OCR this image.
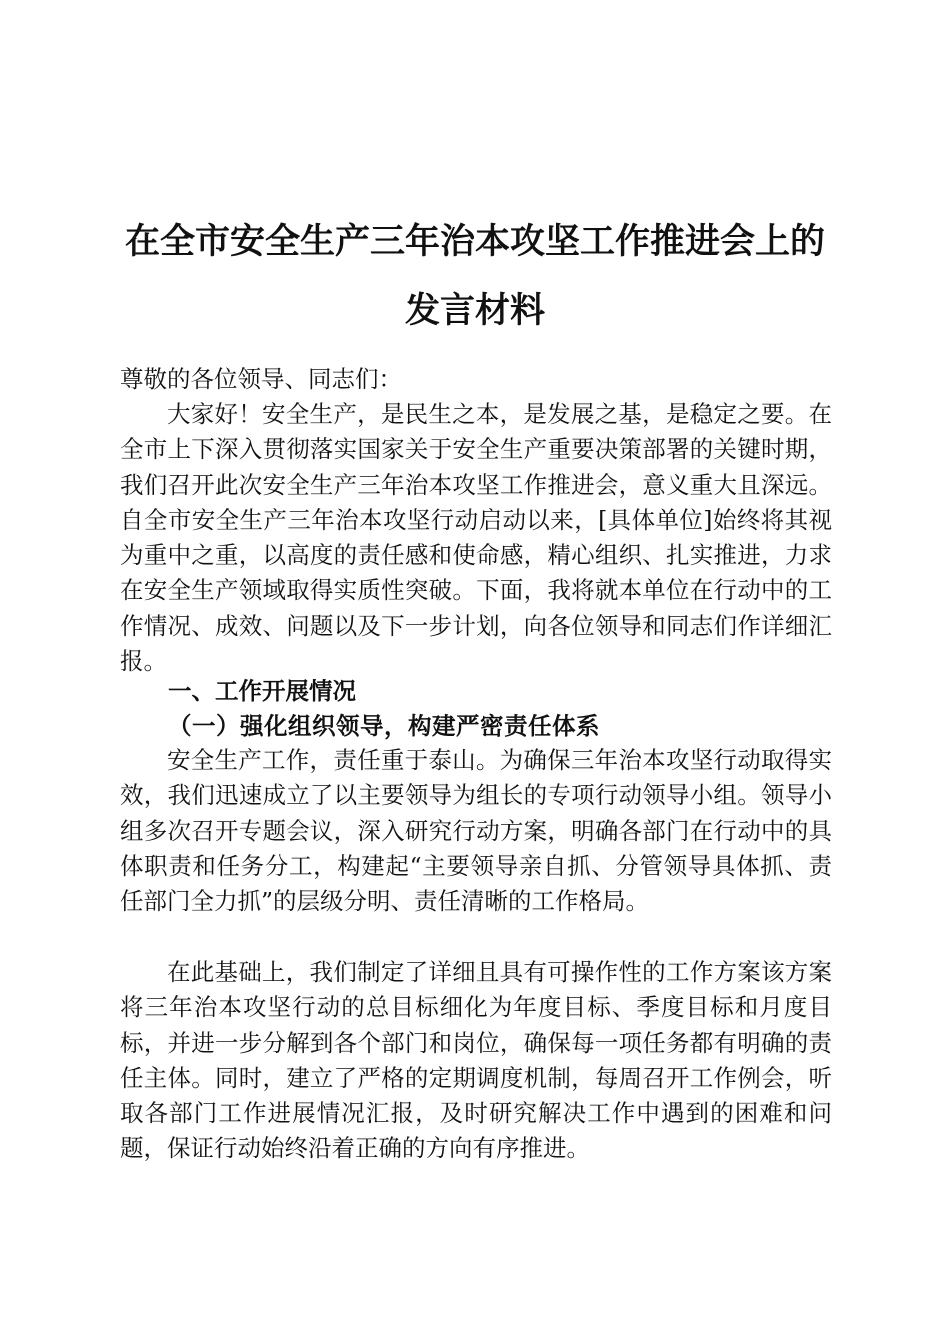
在全市安全生产三年治本攻坚工作推进会上的
发言材料

尊敬的各位领导、同志们：

大家好！安全生产，是民生之本，是发展之基，是稳定之要。在全市上下深入贯彻落实国家关于安全生产重要决策部署的关键时期，我们召开此次安全生产三年治本攻坚工作推进会，意义重大且深远。自全市安全生产三年治本攻坚行动启动以来，[具体单位]始终将其视为重中之重，以高度的责任感和使命感，精心组织、扎实推进，力求在安全生产领域取得实质性突破。下面，我将就本单位在行动中的工作情况、成效、问题以及下一步计划，向各位领导和同志们作详细汇报。

一、工作开展情况
（一）强化组织领导，构建严密责任体系

安全生产工作，责任重于泰山。为确保三年治本攻坚行动取得实效，我们迅速成立了以主要领导为组长的专项行动领导小组。领导小组多次召开专题会议，深入研究行动方案，明确各部门在行动中的具体职责和任务分工，构建起“主要领导亲自抓、分管领导具体抓、责任部门全力抓”的层级分明、责任清晰的工作格局。

在此基础上，我们制定了详细且具有可操作性的工作方案该方案将三年治本攻坚行动的总目标细化为年度目标、季度目标和月度目标，并进一步分解到各个部门和岗位，确保每一项任务都有明确的责任主体。同时，建立了严格的定期调度机制，每周召开工作例会，听取各部门工作进展情况汇报，及时研究解决工作中遇到的困难和问题，保证行动始终沿着正确的方向有序推进。
